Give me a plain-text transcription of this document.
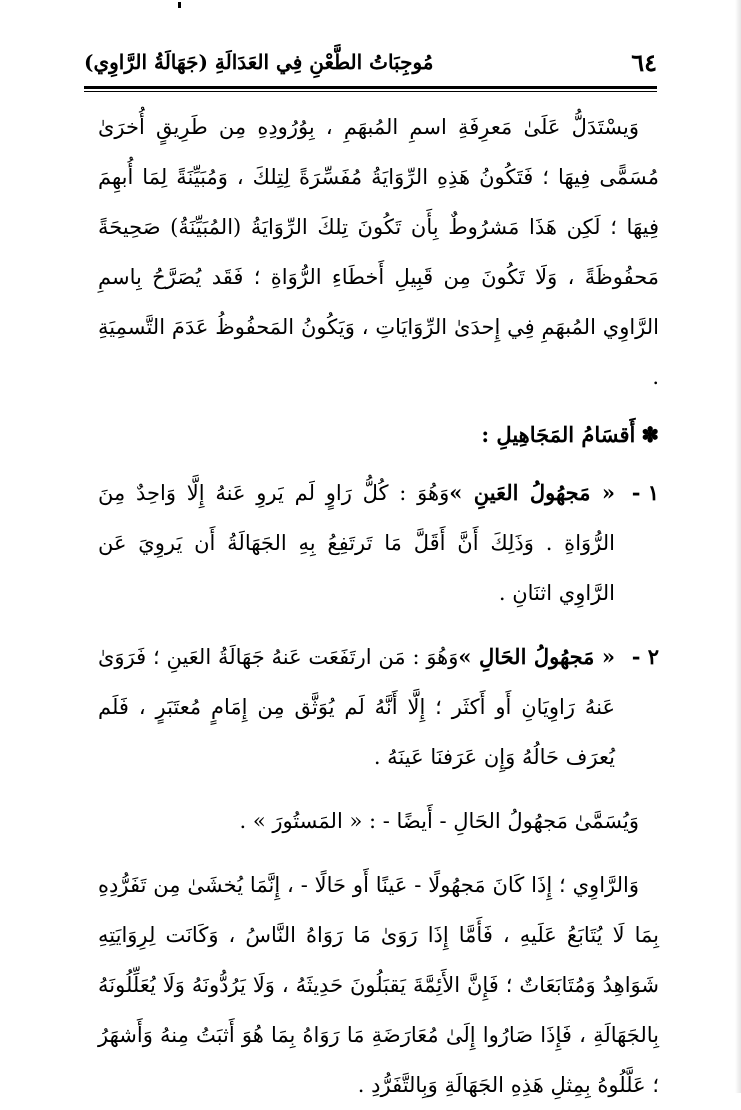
٦٤
مُوجِبَاتُ الطَّعْنِ فِي العَدَالَةِ (جَهَالَةُ الرَّاوِي)

وَيسْتَدَلُّ عَلَىٰ مَعرِفَةِ اسمِ المُبهَمِ ، بِوُرُودِهِ مِن طَرِيقٍ أُخرَىٰ مُسَمًّى فِيهَا ؛ فَتَكُونُ هَذِهِ الرِّوَايَةُ مُفَسِّرَةً لِتِلكَ ، وَمُبَيِّنَةً لِمَا أُبهِمَ فِيهَا ؛ لَكِن هَذَا مَشرُوطٌ بِأَن تَكُونَ تِلكَ الرِّوَايَةُ (المُبَيِّنَةُ) صَحِيحَةً مَحفُوظَةً ، وَلَا تَكُونَ مِن قَبِيلِ أَخطَاءِ الرُّوَاةِ ؛ فَقَد يُصَرَّحُ بِاسمِ الرَّاوِي المُبهَمِ فِي إِحدَىٰ الرِّوَايَاتِ ، وَيَكُونُ المَحفُوظُ عَدَمَ التَّسمِيَةِ .

✽أَقسَامُ المَجَاهِيلِ :

١ -
« مَجهُولُ العَينِ »وَهُوَ : كُلُّ رَاوٍ لَم يَروِ عَنهُ إِلَّا وَاحِدٌ مِنَ الرُّوَاةِ . وَذَلِكَ أَنَّ أَقَلَّ مَا تَرتَفِعُ بِهِ الجَهَالَةُ أَن يَروِيَ عَن الرَّاوِي اثنَانِ .
٢ -
« مَجهُولُ الحَالِ »وَهُوَ : مَن ارتَفَعَت عَنهُ جَهَالَةُ العَينِ ؛ فَرَوَىٰ عَنهُ رَاوِيَانِ أَو أَكثَر ؛ إِلَّا أَنَّهُ لَم يُوَثَّق مِن إِمَامٍ مُعتَبَرٍ ، فَلَم يُعرَف حَالُهُ وَإِن عَرَفنَا عَينَهُ .

وَيُسَمَّىٰ مَجهُولُ الحَالِ - أَيضًا - : « المَستُورَ » .

وَالرَّاوِي ؛ إِذَا كَانَ مَجهُولًا - عَينًا أَو حَالًا - ، إِنَّمَا يُخشَىٰ مِن تَفَرُّدِهِ بِمَا لَا يُتَابَعُ عَلَيهِ ، فَأَمَّا إِذَا رَوَىٰ مَا رَوَاهُ النَّاسُ ، وَكَانَت لِرِوَايَتِهِ شَوَاهِدُ وَمُتَابَعَاتٌ ؛ فَإِنَّ الأَئِمَّةَ يَقبَلُونَ حَدِيثَهُ ، وَلَا يَرُدُّونَهُ وَلَا يُعَلِّلُونَهُ بِالجَهَالَةِ ، فَإِذَا صَارُوا إِلَىٰ مُعَارَضَةِ مَا رَوَاهُ بِمَا هُوَ أَثبَتُ مِنهُ وَأَشهَرُ ؛ عَلَّلُوهُ بِمِثلِ هَذِهِ الجَهَالَةِ وَبِالتَّفَرُّدِ .
